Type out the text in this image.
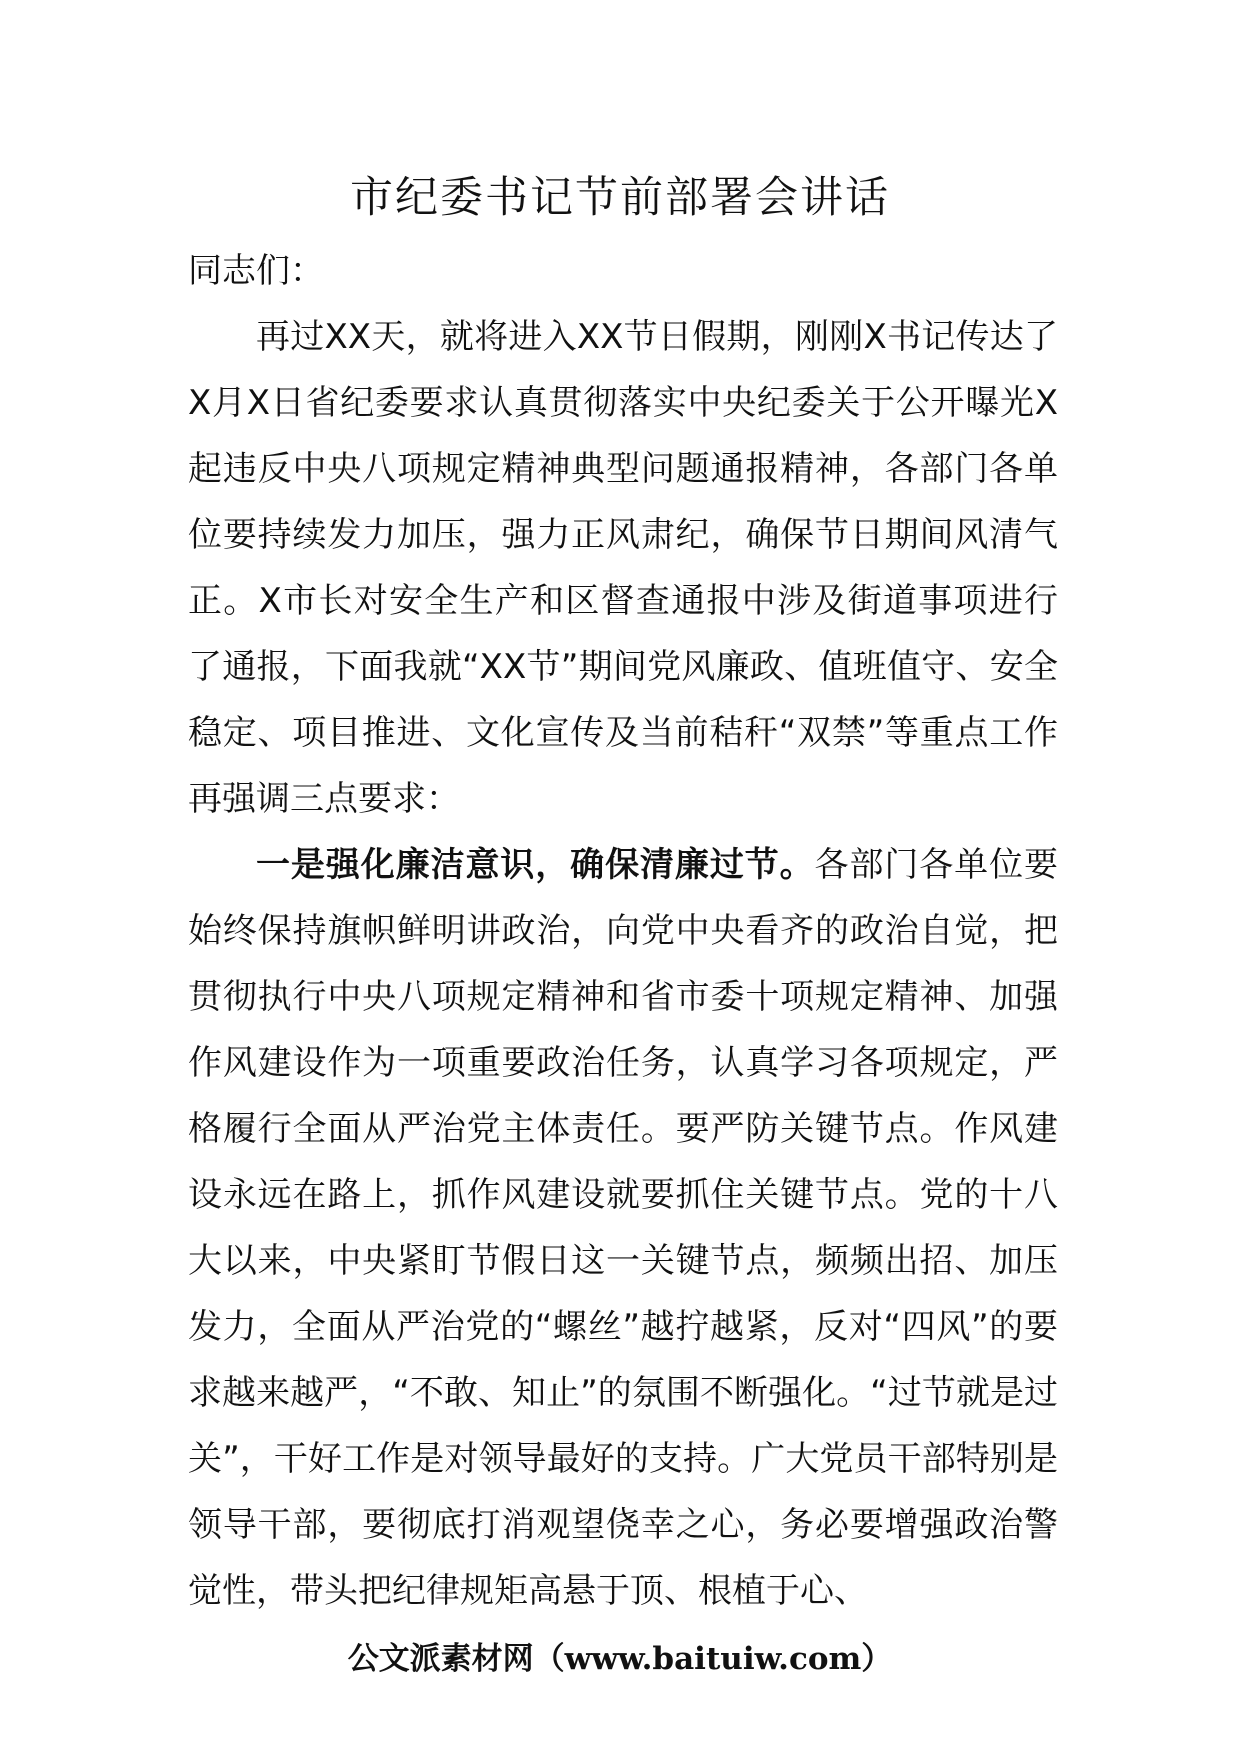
市纪委书记节前部署会讲话

同志们：

再过XX天，就将进入XX节日假期，刚刚X书记传达了X月X日省纪委要求认真贯彻落实中央纪委关于公开曝光X起违反中央八项规定精神典型问题通报精神，各部门各单位要持续发力加压，强力正风肃纪，确保节日期间风清气正。X市长对安全生产和区督查通报中涉及街道事项进行了通报，下面我就“XX节”期间党风廉政、值班值守、安全稳定、项目推进、文化宣传及当前秸秆“双禁”等重点工作再强调三点要求：

一是强化廉洁意识，确保清廉过节。各部门各单位要始终保持旗帜鲜明讲政治，向党中央看齐的政治自觉，把贯彻执行中央八项规定精神和省市委十项规定精神、加强作风建设作为一项重要政治任务，认真学习各项规定，严格履行全面从严治党主体责任。要严防关键节点。作风建设永远在路上，抓作风建设就要抓住关键节点。党的十八大以来，中央紧盯节假日这一关键节点，频频出招、加压发力，全面从严治党的“螺丝”越拧越紧，反对“四风”的要求越来越严，“不敢、知止”的氛围不断强化。“过节就是过关”，干好工作是对领导最好的支持。广大党员干部特别是领导干部，要彻底打消观望侥幸之心，务必要增强政治警觉性，带头把纪律规矩高悬于顶、根植于心、

公文派素材网（www.baituiw.com）
